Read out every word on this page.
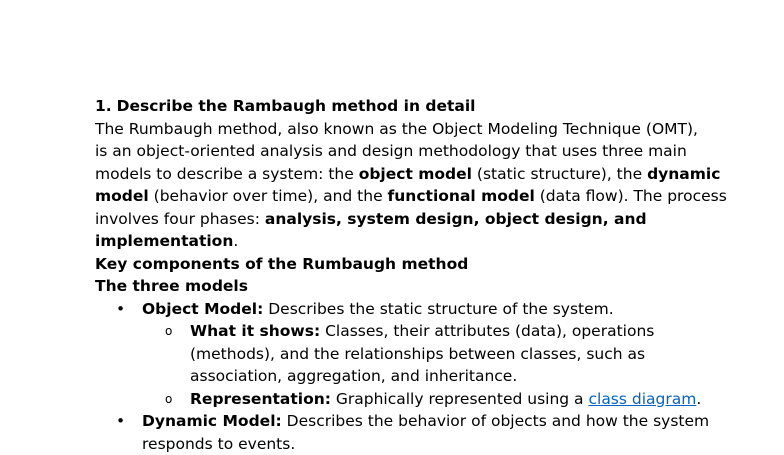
1. Describe the Rambaugh method in detail
The Rumbaugh method, also known as the Object Modeling Technique (OMT),
is an object-oriented analysis and design methodology that uses three main
models to describe a system: the object model (static structure), the dynamic
model (behavior over time), and the functional model (data flow). The process
involves four phases: analysis, system design, object design, and
implementation.
Key components of the Rumbaugh method
The three models
• Object Model: Describes the static structure of the system.
o What it shows: Classes, their attributes (data), operations
(methods), and the relationships between classes, such as
association, aggregation, and inheritance.
o Representation: Graphically represented using a class diagram.
• Dynamic Model: Describes the behavior of objects and how the system
responds to events.
